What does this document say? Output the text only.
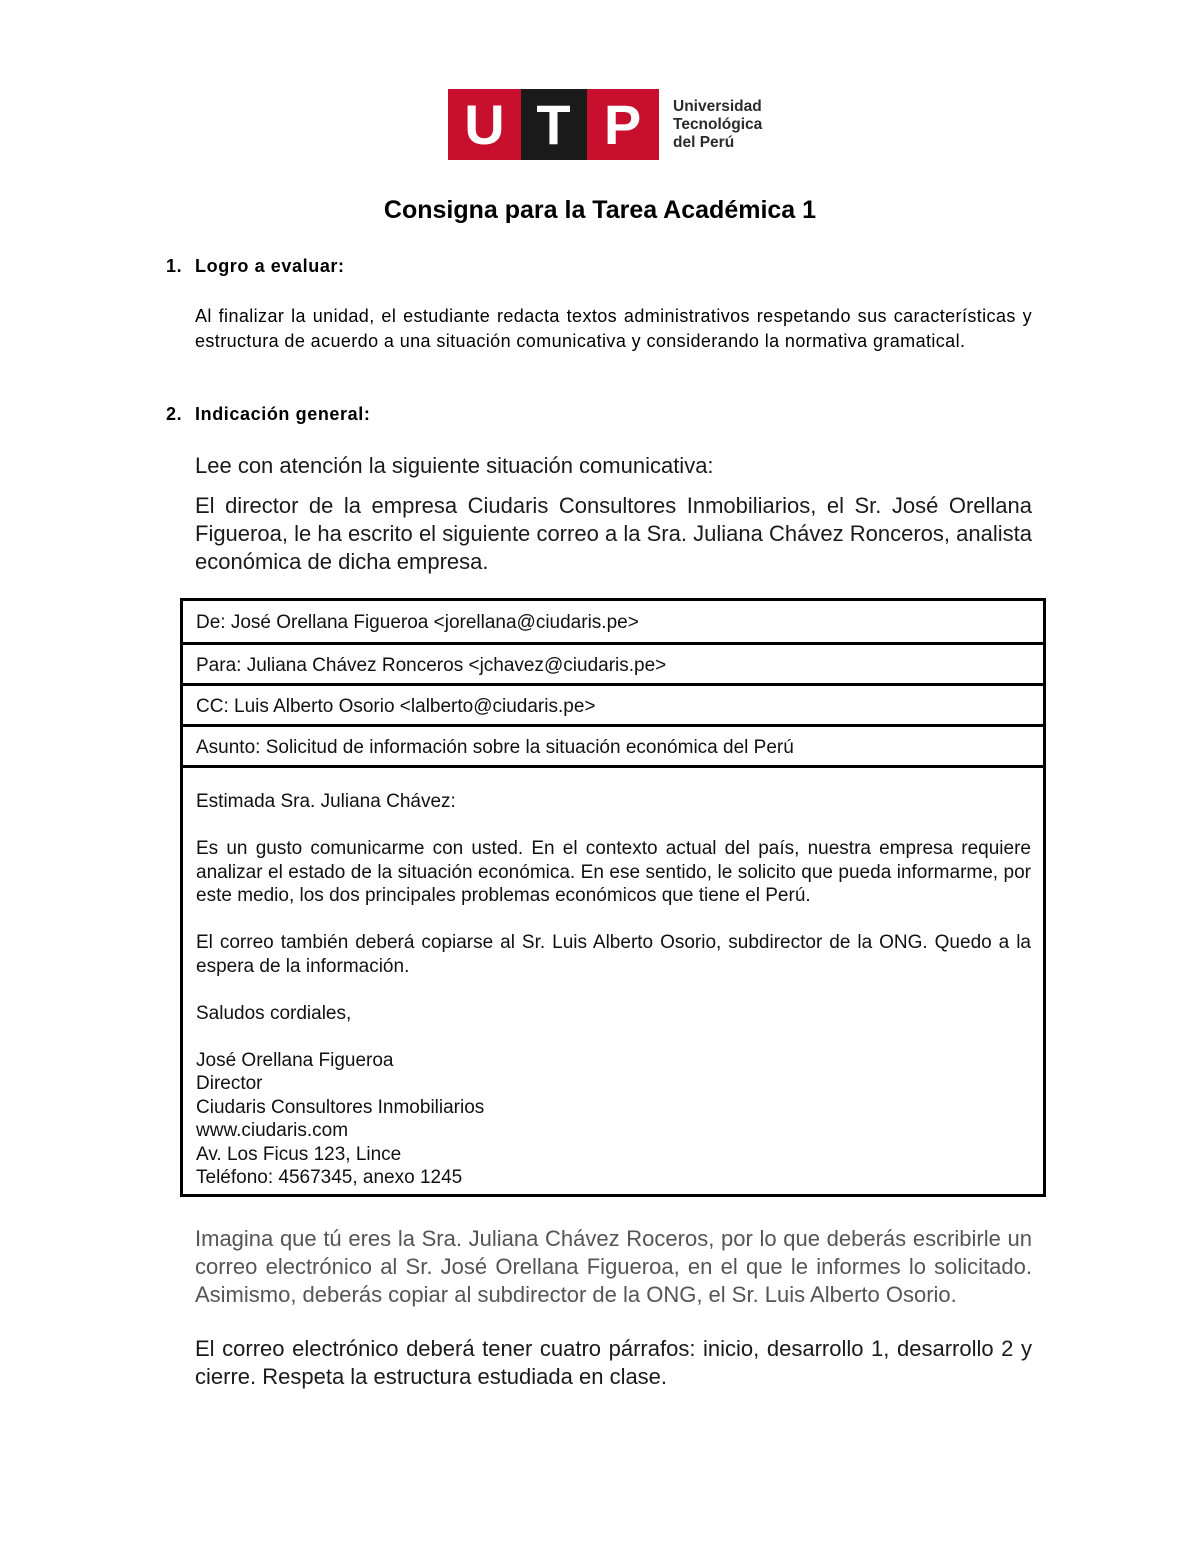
U T P	Universidad
Tecnológica
del Perú
Consigna para la Tarea Académica 1
1. Logro a evaluar:
Al finalizar la unidad, el estudiante redacta textos administrativos respetando sus características y estructura de acuerdo a una situación comunicativa y considerando la normativa gramatical.
2. Indicación general:
Lee con atención la siguiente situación comunicativa:
El director de la empresa Ciudaris Consultores Inmobiliarios, el Sr. José Orellana Figueroa, le ha escrito el siguiente correo a la Sra. Juliana Chávez Ronceros, analista económica de dicha empresa.
De: José Orellana Figueroa <jorellana@ciudaris.pe>
Para: Juliana Chávez Ronceros <jchavez@ciudaris.pe>
CC: Luis Alberto Osorio <lalberto@ciudaris.pe>
Asunto: Solicitud de información sobre la situación económica del Perú
Estimada Sra. Juliana Chávez:
Es un gusto comunicarme con usted. En el contexto actual del país, nuestra empresa requiere analizar el estado de la situación económica. En ese sentido, le solicito que pueda informarme, por este medio, los dos principales problemas económicos que tiene el Perú.
El correo también deberá copiarse al Sr. Luis Alberto Osorio, subdirector de la ONG. Quedo a la espera de la información.
Saludos cordiales,
José Orellana Figueroa
Director
Ciudaris Consultores Inmobiliarios
www.ciudaris.com
Av. Los Ficus 123, Lince
Teléfono: 4567345, anexo 1245
Imagina que tú eres la Sra. Juliana Chávez Roceros, por lo que deberás escribirle un correo electrónico al Sr. José Orellana Figueroa, en el que le informes lo solicitado. Asimismo, deberás copiar al subdirector de la ONG, el Sr. Luis Alberto Osorio.
El correo electrónico deberá tener cuatro párrafos: inicio, desarrollo 1, desarrollo 2 y cierre. Respeta la estructura estudiada en clase.
